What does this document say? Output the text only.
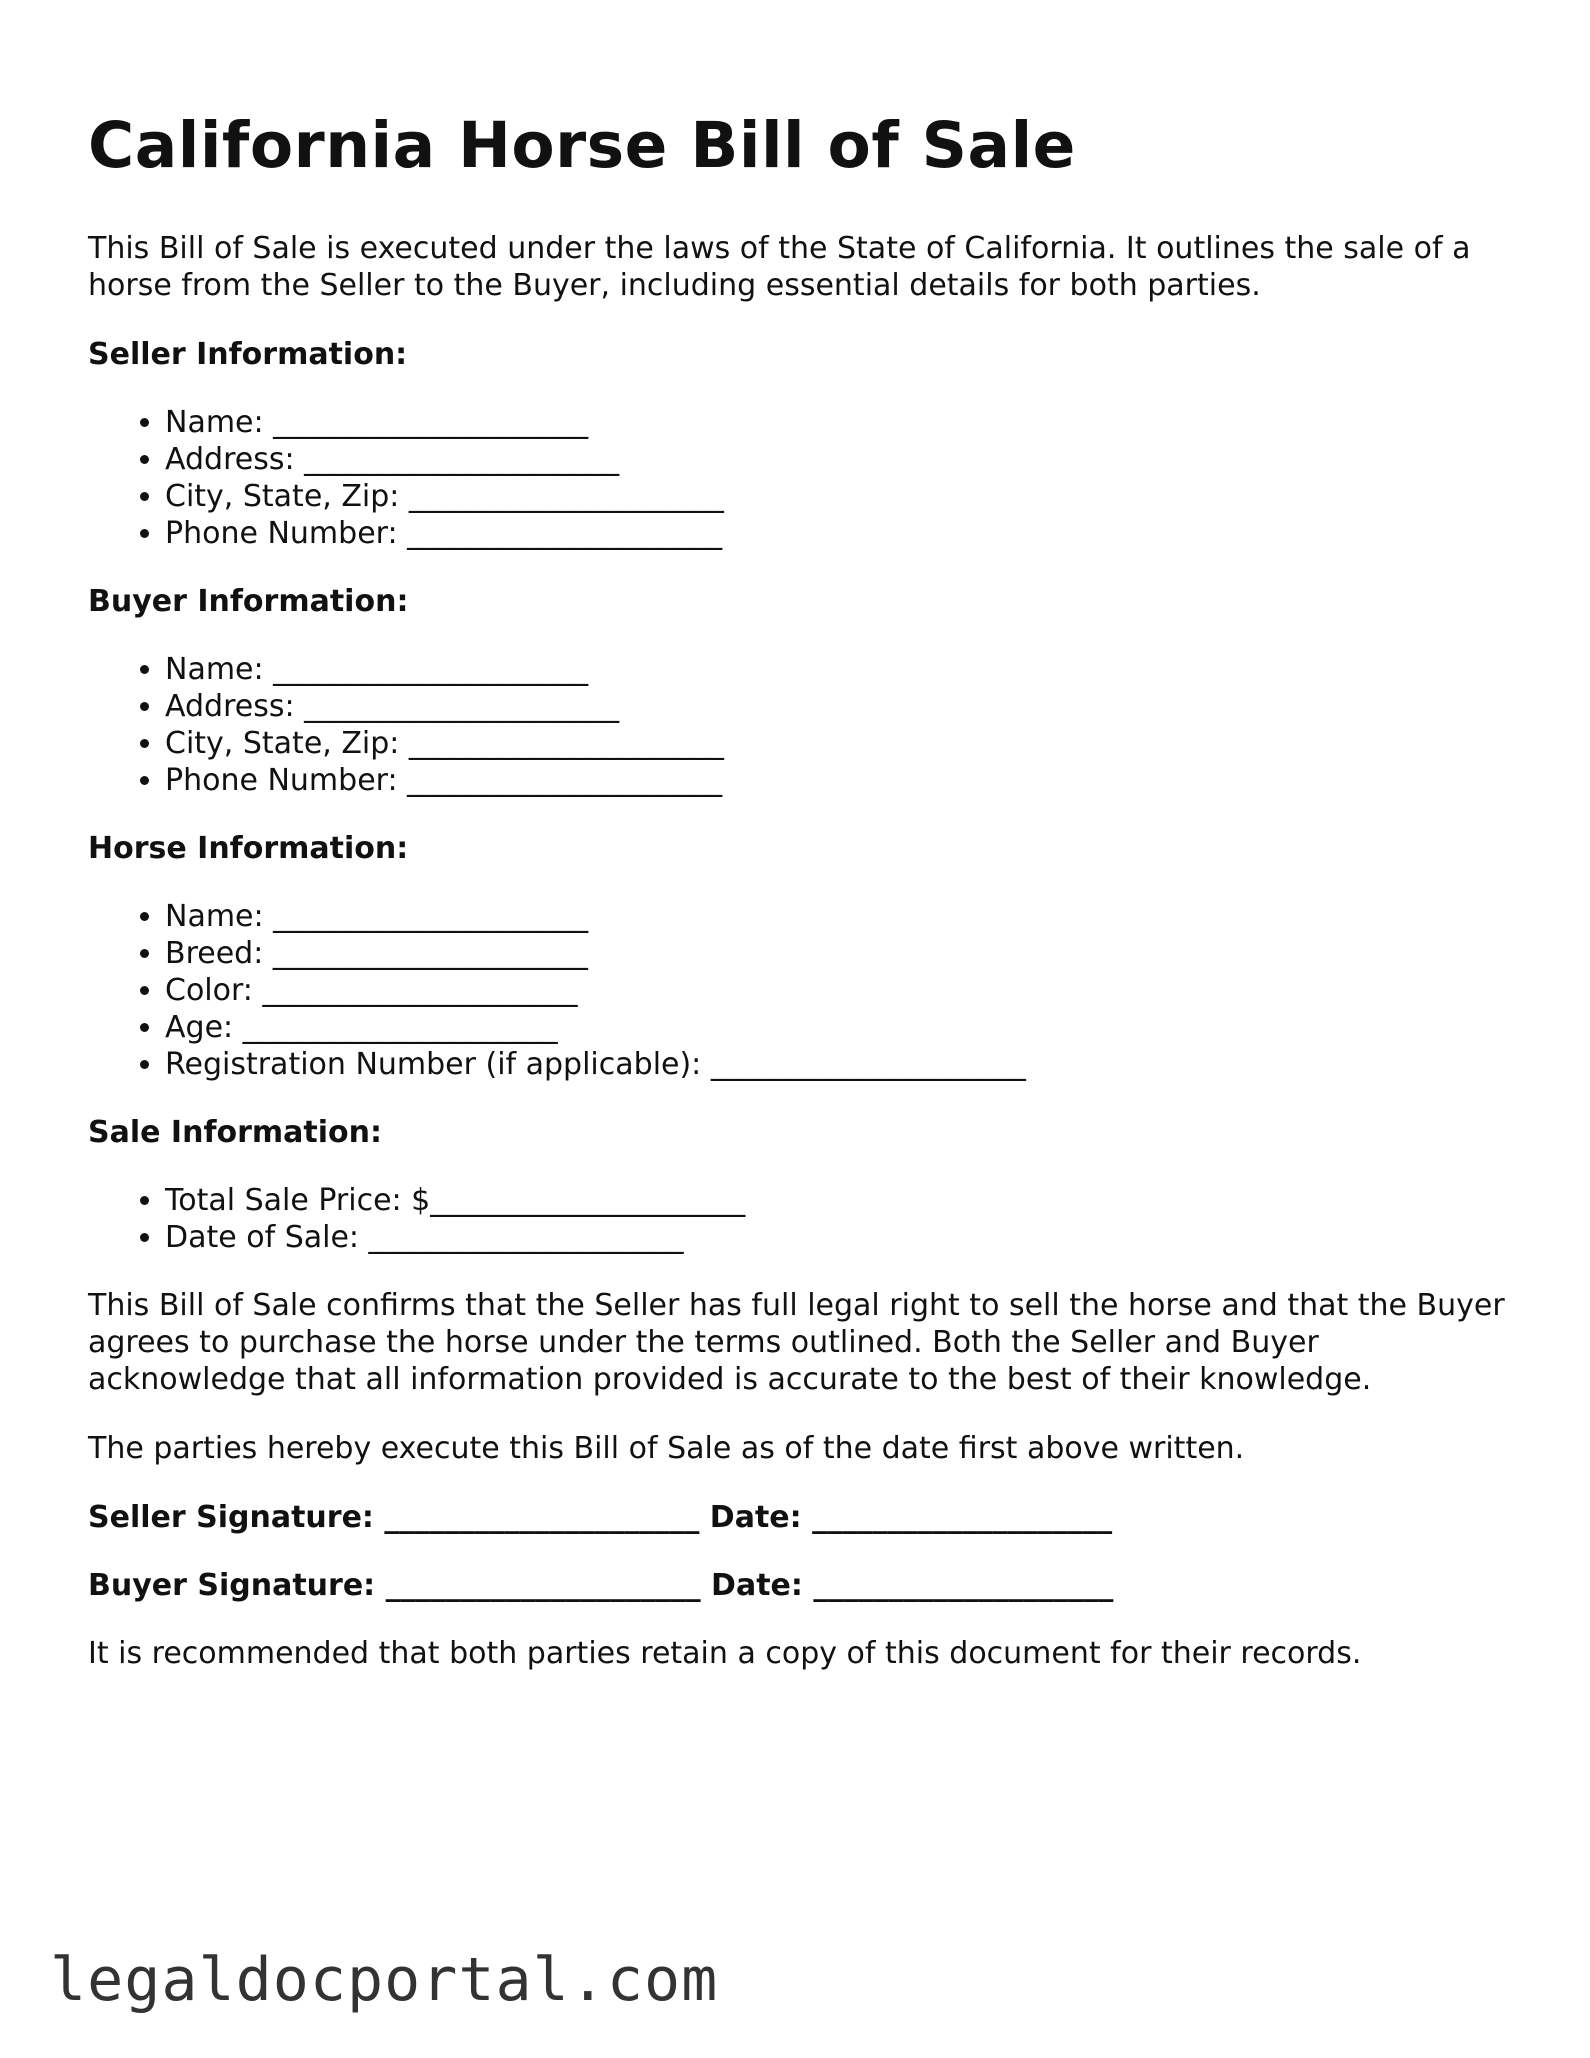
California Horse Bill of Sale

This Bill of Sale is executed under the laws of the State of California. It outlines the sale of a horse from the Seller to the Buyer, including essential details for both parties.

Seller Information:

• Name: _____________________
• Address: _____________________
• City, State, Zip: _____________________
• Phone Number: _____________________

Buyer Information:

• Name: _____________________
• Address: _____________________
• City, State, Zip: _____________________
• Phone Number: _____________________

Horse Information:

• Name: _____________________
• Breed: _____________________
• Color: _____________________
• Age: _____________________
• Registration Number (if applicable): _____________________

Sale Information:

• Total Sale Price: $_____________________
• Date of Sale: _____________________

This Bill of Sale confirms that the Seller has full legal right to sell the horse and that the Buyer agrees to purchase the horse under the terms outlined. Both the Seller and Buyer acknowledge that all information provided is accurate to the best of their knowledge.

The parties hereby execute this Bill of Sale as of the date first above written.

Seller Signature: _____________________ Date: ____________________

Buyer Signature: _____________________ Date: ____________________

It is recommended that both parties retain a copy of this document for their records.

legaldocportal.com
